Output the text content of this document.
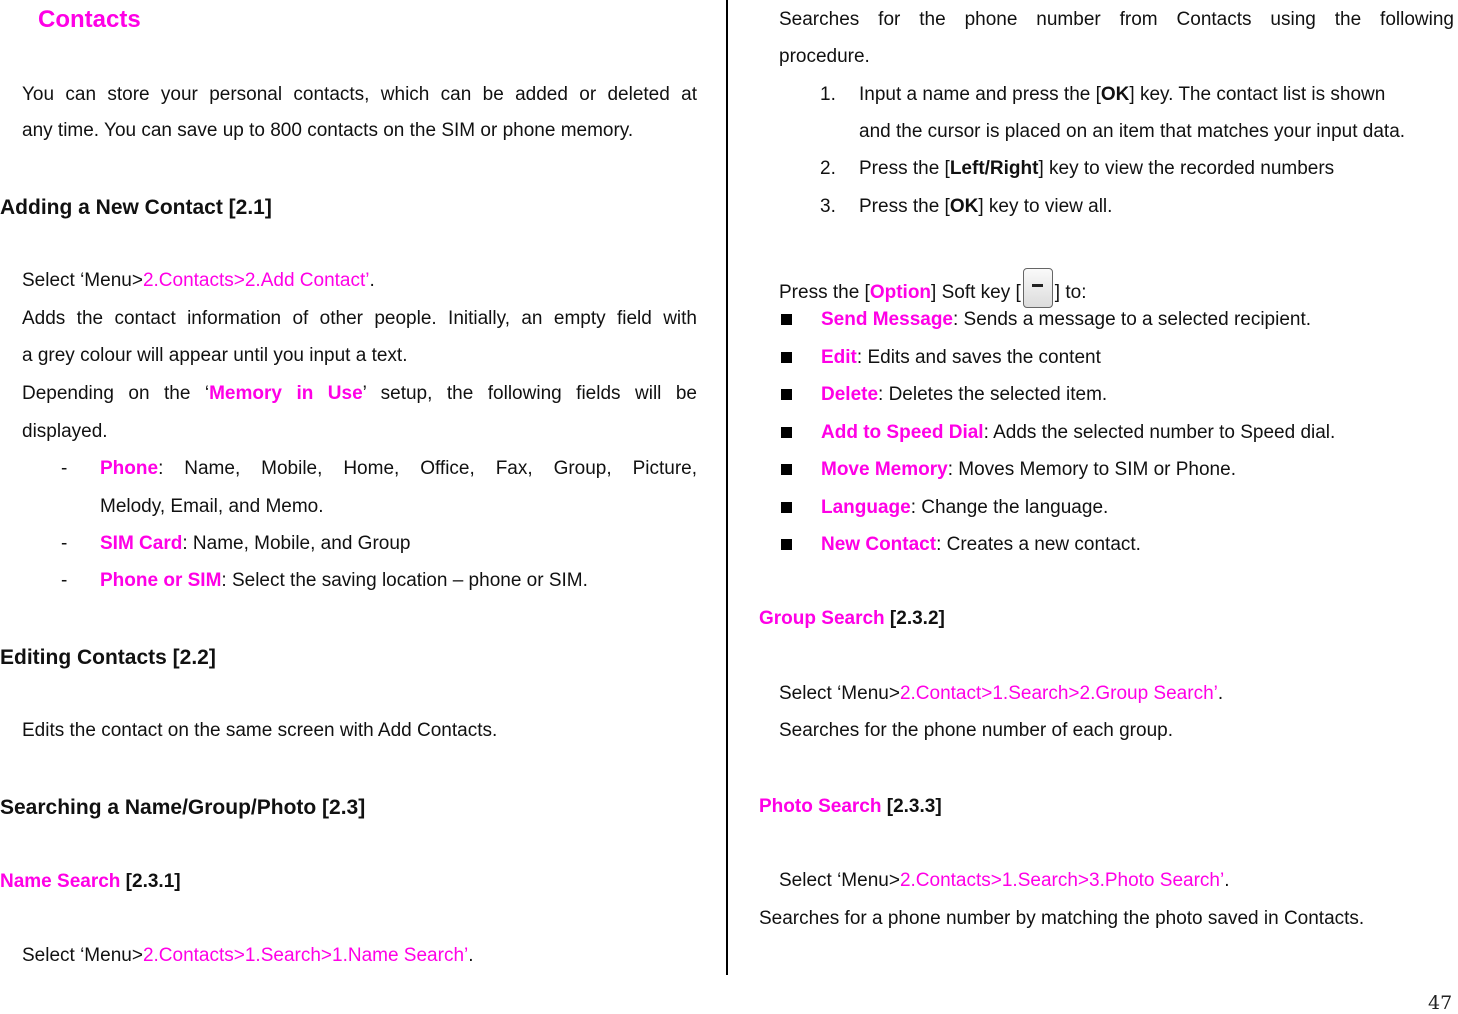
Contacts
You can store your personal contacts, which can be added or deleted at
any time. You can save up to 800 contacts on the SIM or phone memory.
Adding a New Contact [2.1]
Select ‘Menu>2.Contacts>2.Add Contact’.
Adds the contact information of other people. Initially, an empty field with
a grey colour will appear until you input a text.
Depending on the ‘Memory in Use’ setup, the following fields will be
displayed.
- Phone: Name, Mobile, Home, Office, Fax, Group, Picture,
Melody, Email, and Memo.
- SIM Card: Name, Mobile, and Group
- Phone or SIM: Select the saving location – phone or SIM.
Editing Contacts [2.2]
Edits the contact on the same screen with Add Contacts.
Searching a Name/Group/Photo [2.3]
Name Search [2.3.1]
Select ‘Menu>2.Contacts>1.Search>1.Name Search’.
Searches for the phone number from Contacts using the following
procedure.
1. Input a name and press the [OK] key. The contact list is shown
and the cursor is placed on an item that matches your input data.
2. Press the [Left/Right] key to view the recorded numbers
3. Press the [OK] key to view all.
Press the [Option] Soft key [ ] to:
Send Message: Sends a message to a selected recipient.
Edit: Edits and saves the content
Delete: Deletes the selected item.
Add to Speed Dial: Adds the selected number to Speed dial.
Move Memory: Moves Memory to SIM or Phone.
Language: Change the language.
New Contact: Creates a new contact.
Group Search [2.3.2]
Select ‘Menu>2.Contact>1.Search>2.Group Search’.
Searches for the phone number of each group.
Photo Search [2.3.3]
Select ‘Menu>2.Contacts>1.Search>3.Photo Search’.
Searches for a phone number by matching the photo saved in Contacts.
47
